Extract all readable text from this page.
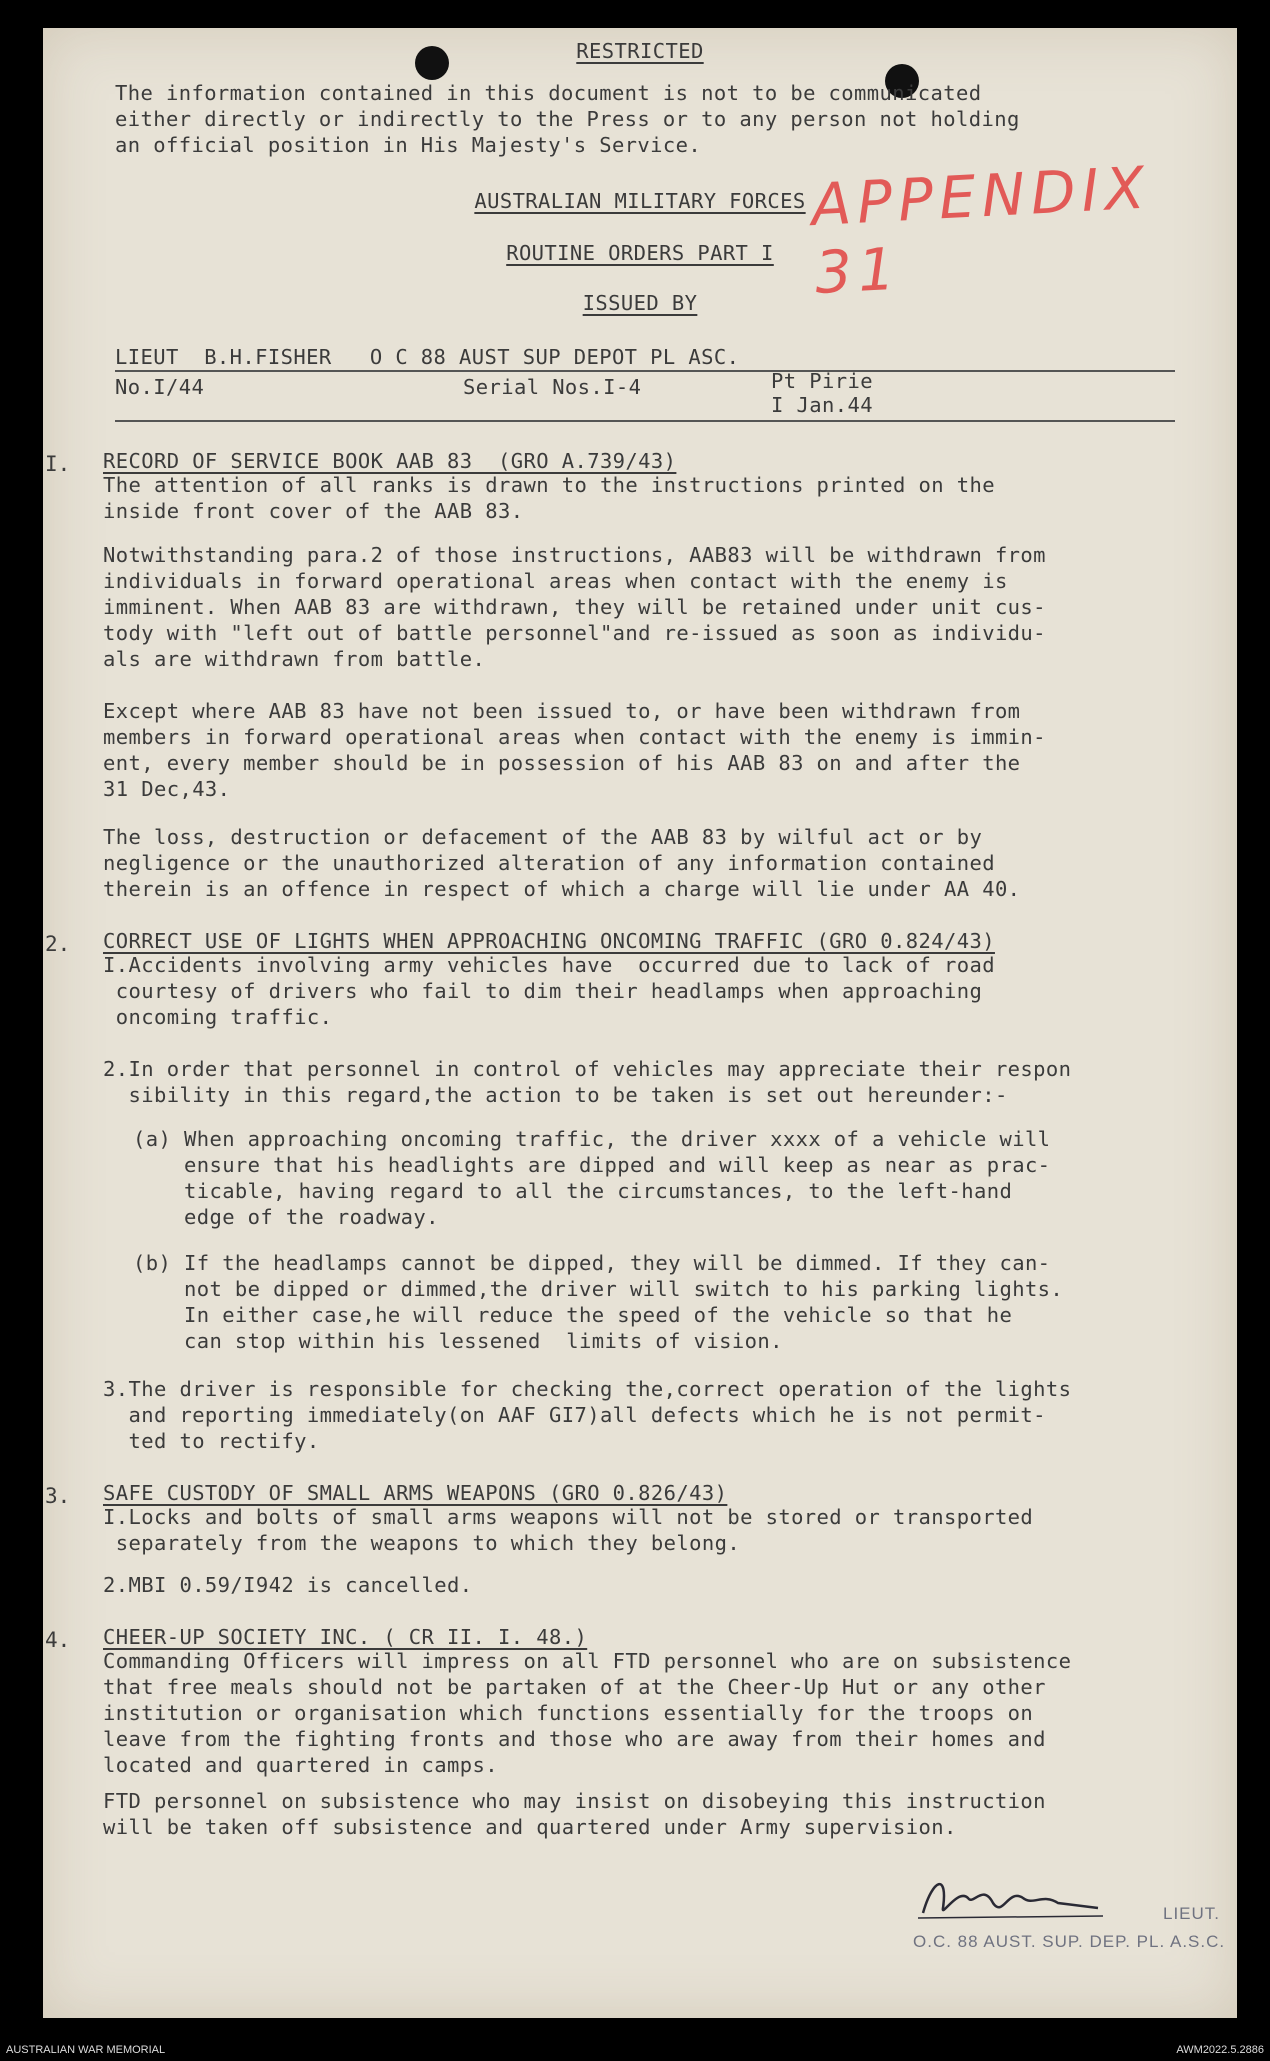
RESTRICTED
The information contained in this document is not to be communicated
either directly or indirectly to the Press or to any person not holding
an official position in His Majesty's Service.
APPENDIX 31
AUSTRALIAN MILITARY FORCES
ROUTINE ORDERS PART I
ISSUED BY
LIEUT  B.H.FISHER   O C 88 AUST SUP DEPOT PL ASC.
No.I/44	Serial Nos.I-4	Pt Pirie
I Jan.44
I. RECORD OF SERVICE BOOK AAB 83  (GRO A.739/43)
The attention of all ranks is drawn to the instructions printed on the
inside front cover of the AAB 83.
Notwithstanding para.2 of those instructions, AAB83 will be withdrawn from
individuals in forward operational areas when contact with the enemy is
imminent. When AAB 83 are withdrawn, they will be retained under unit cus-
tody with "left out of battle personnel"and re-issued as soon as individu-
als are withdrawn from battle.
Except where AAB 83 have not been issued to, or have been withdrawn from
members in forward operational areas when contact with the enemy is immin-
ent, every member should be in possession of his AAB 83 on and after the
31 Dec,43.
The loss, destruction or defacement of the AAB 83 by wilful act or by
negligence or the unauthorized alteration of any information contained
therein is an offence in respect of which a charge will lie under AA 40.
2. CORRECT USE OF LIGHTS WHEN APPROACHING ONCOMING TRAFFIC (GRO 0.824/43)
I.Accidents involving army vehicles have  occurred due to lack of road
courtesy of drivers who fail to dim their headlamps when approaching
oncoming traffic.
2.In order that personnel in control of vehicles may appreciate their respon
sibility in this regard,the action to be taken is set out hereunder:-
(a) When approaching oncoming traffic, the driver xxxx of a vehicle will
ensure that his headlights are dipped and will keep as near as prac-
ticable, having regard to all the circumstances, to the left-hand
edge of the roadway.
(b) If the headlamps cannot be dipped, they will be dimmed. If they can-
not be dipped or dimmed,the driver will switch to his parking lights.
In either case,he will reduce the speed of the vehicle so that he
can stop within his lessened  limits of vision.
3.The driver is responsible for checking the,correct operation of the lights
and reporting immediately(on AAF GI7)all defects which he is not permit-
ted to rectify.
3. SAFE CUSTODY OF SMALL ARMS WEAPONS (GRO 0.826/43)
I.Locks and bolts of small arms weapons will not be stored or transported
separately from the weapons to which they belong.
2.MBI 0.59/I942 is cancelled.
4. CHEER-UP SOCIETY INC. ( CR II. I. 48.)
Commanding Officers will impress on all FTD personnel who are on subsistence
that free meals should not be partaken of at the Cheer-Up Hut or any other
institution or organisation which functions essentially for the troops on
leave from the fighting fronts and those who are away from their homes and
located and quartered in camps.
FTD personnel on subsistence who may insist on disobeying this instruction
will be taken off subsistence and quartered under Army supervision.
LIEUT.
O.C. 88 AUST. SUP. DEP. PL. A.S.C.
AUSTRALIAN WAR MEMORIAL	AWM2022.5.2886
